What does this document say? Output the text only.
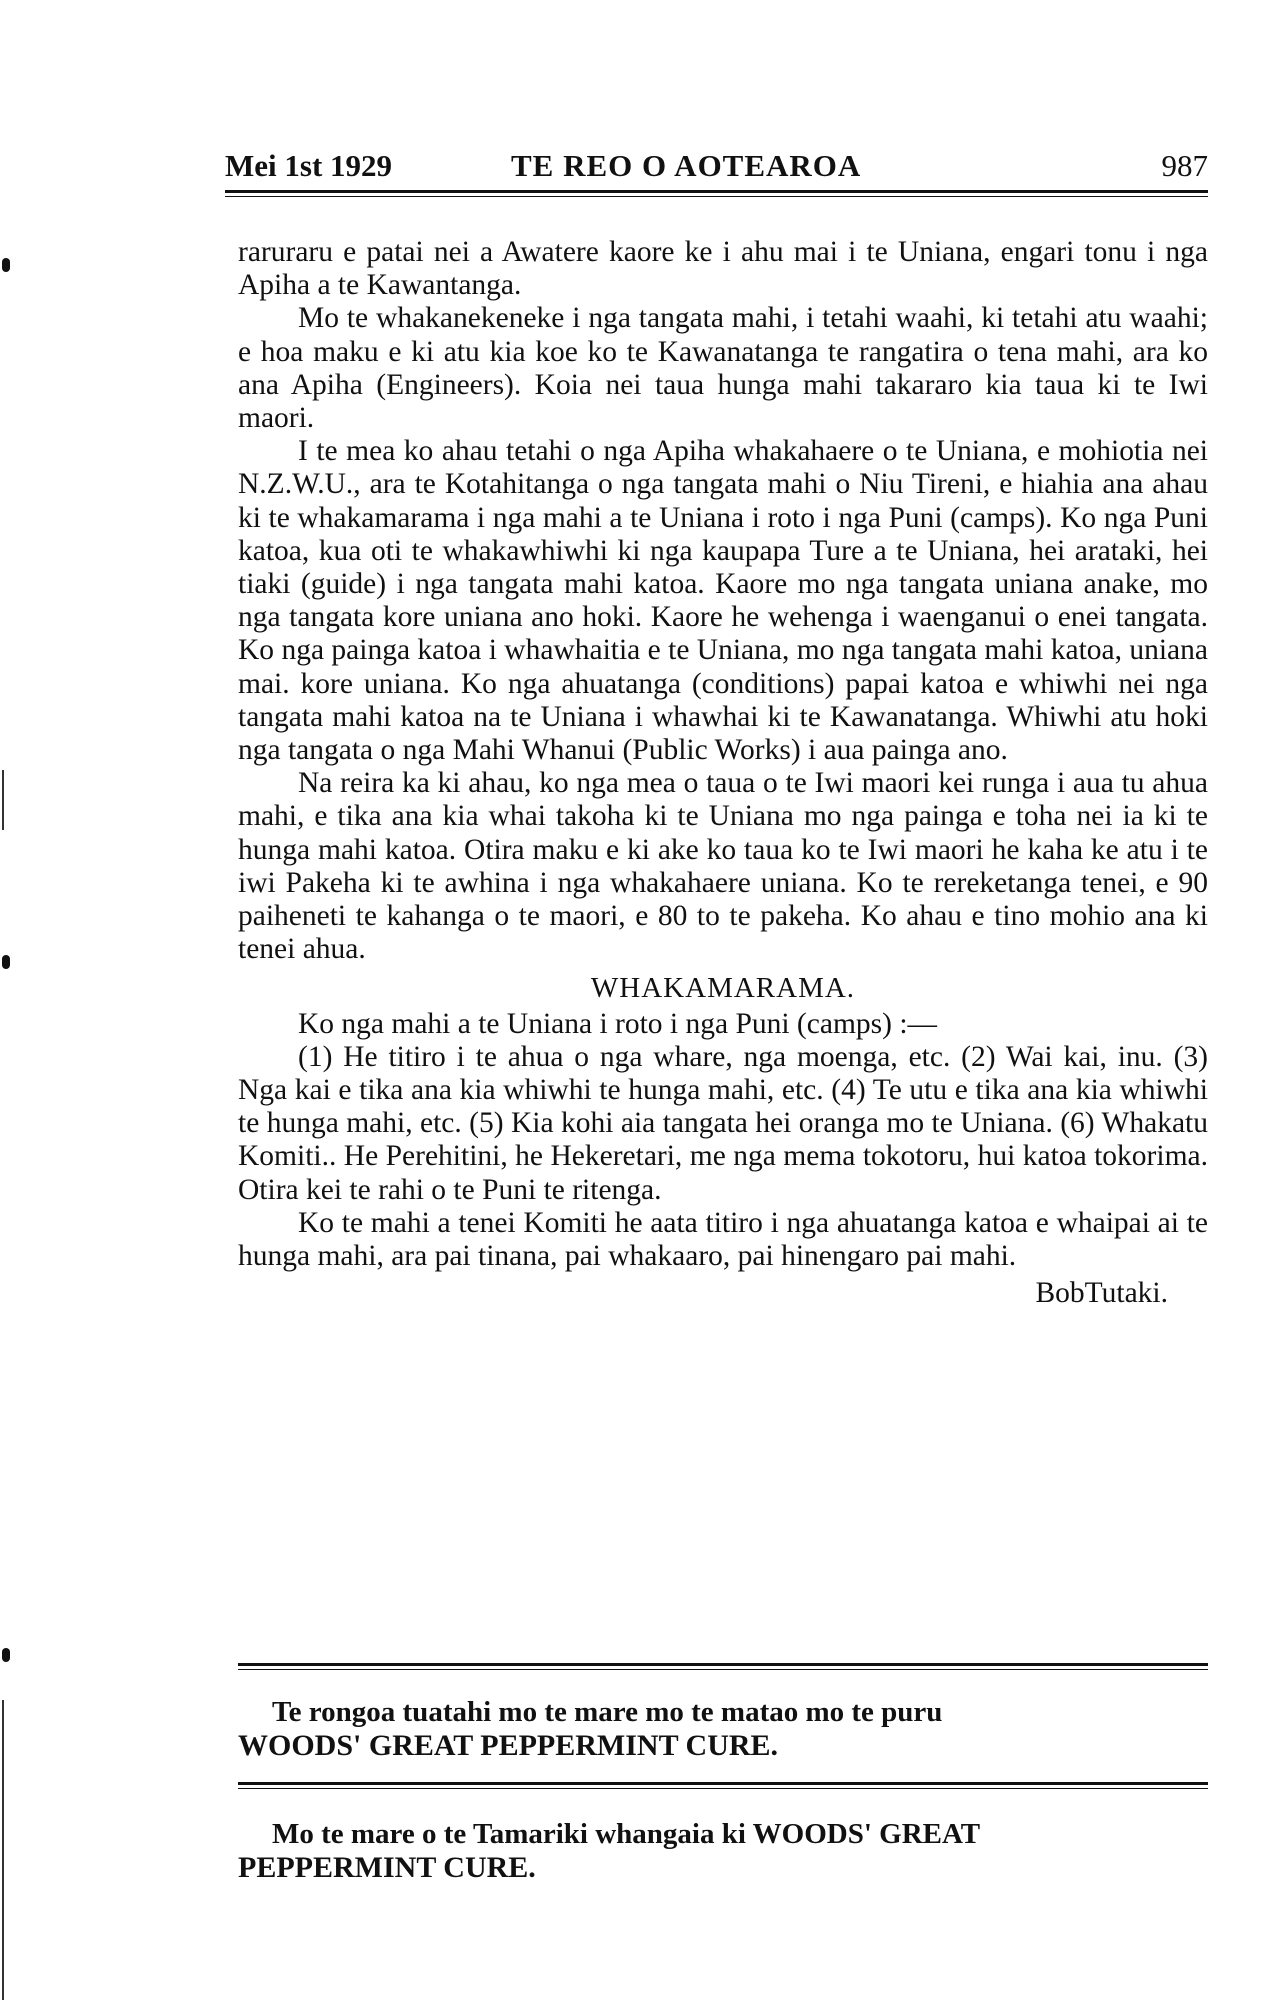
Mei 1st 1929	TE REO O AOTEAROA	987

raruraru e patai nei a Awatere kaore ke i ahu mai i te Uniana, engari tonu i nga Apiha a te Kawantanga.

Mo te whakanekeneke i nga tangata mahi, i tetahi waahi, ki tetahi atu waahi; e hoa maku e ki atu kia koe ko te Kawanatanga te rangatira o tena mahi, ara ko ana Apiha (Engineers). Koia nei taua hunga mahi takararo kia taua ki te Iwi maori.

I te mea ko ahau tetahi o nga Apiha whakahaere o te Uniana, e mohiotia nei N.Z.W.U., ara te Kotahitanga o nga tangata mahi o Niu Tireni, e hiahia ana ahau ki te whakamarama i nga mahi a te Uniana i roto i nga Puni (camps). Ko nga Puni katoa, kua oti te whakawhiwhi ki nga kaupapa Ture a te Uniana, hei arataki, hei tiaki (guide) i nga tangata mahi katoa. Kaore mo nga tangata uniana anake, mo nga tangata kore uniana ano hoki. Kaore he wehenga i waenganui o enei tangata. Ko nga painga katoa i whawhaitia e te Uniana, mo nga tangata mahi katoa, uniana mai. kore uniana. Ko nga ahuatanga (conditions) papai katoa e whiwhi nei nga tangata mahi katoa na te Uniana i whawhai ki te Kawanatanga. Whiwhi atu hoki nga tangata o nga Mahi Whanui (Public Works) i aua painga ano.

Na reira ka ki ahau, ko nga mea o taua o te Iwi maori kei runga i aua tu ahua mahi, e tika ana kia whai takoha ki te Uniana mo nga painga e toha nei ia ki te hunga mahi katoa. Otira maku e ki ake ko taua ko te Iwi maori he kaha ke atu i te iwi Pakeha ki te awhina i nga whakahaere uniana. Ko te rereketanga tenei, e 90 paiheneti te kahanga o te maori, e 80 to te pakeha. Ko ahau e tino mohio ana ki tenei ahua.

WHAKAMARAMA.

Ko nga mahi a te Uniana i roto i nga Puni (camps) :—

(1) He titiro i te ahua o nga whare, nga moenga, etc. (2) Wai kai, inu. (3) Nga kai e tika ana kia whiwhi te hunga mahi, etc. (4) Te utu e tika ana kia whiwhi te hunga mahi, etc. (5) Kia kohi aia tangata hei oranga mo te Uniana. (6) Whakatu Komiti.. He Perehitini, he Hekeretari, me nga mema tokotoru, hui katoa tokorima. Otira kei te rahi o te Puni te ritenga.

Ko te mahi a tenei Komiti he aata titiro i nga ahuatanga katoa e whaipai ai te hunga mahi, ara pai tinana, pai whakaaro, pai hinengaro pai mahi.

BobTutaki.
Te rongoa tuatahi mo te mare mo te matao mo te puru
WOODS' GREAT PEPPERMINT CURE.
Mo te mare o te Tamariki whangaia ki WOODS' GREAT
PEPPERMINT CURE.
